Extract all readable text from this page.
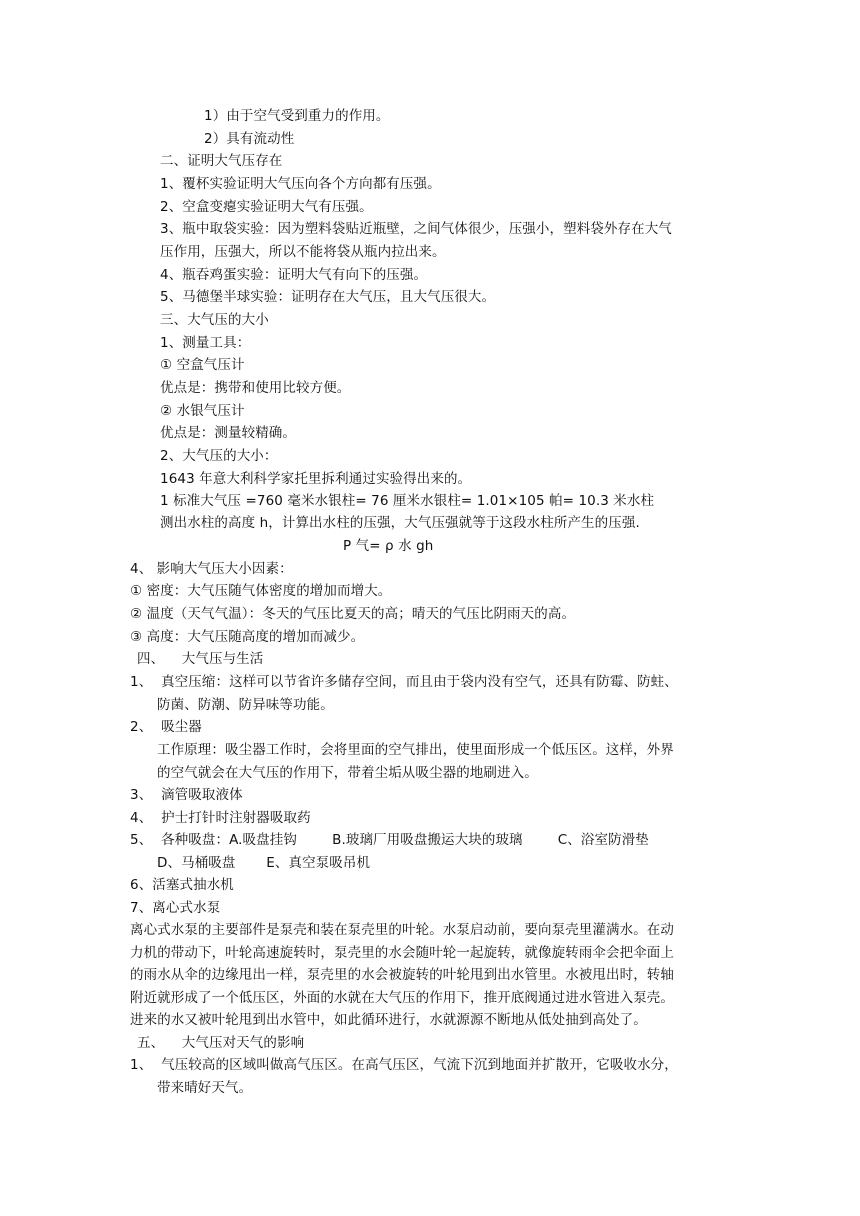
1）由于空气受到重力的作用。
2）具有流动性
二、证明大气压存在
1、覆杯实验证明大气压向各个方向都有压强。
2、空盒变瘪实验证明大气有压强。
3、瓶中取袋实验：因为塑料袋贴近瓶壁，之间气体很少，压强小，塑料袋外存在大气
压作用，压强大，所以不能将袋从瓶内拉出来。
4、瓶吞鸡蛋实验：证明大气有向下的压强。
5、马德堡半球实验：证明存在大气压，且大气压很大。
三、大气压的大小
1、测量工具：
① 空盒气压计
优点是：携带和使用比较方便。
② 水银气压计
优点是：测量较精确。
2、大气压的大小：
1643 年意大利科学家托里拆利通过实验得出来的。
1 标准大气压 =760 毫米水银柱= 76 厘米水银柱= 1.01×105 帕= 10.3 米水柱
测出水柱的高度 h，计算出水柱的压强，大气压强就等于这段水柱所产生的压强.
P 气= ρ 水 gh
4、 影响大气压大小因素：
① 密度：大气压随气体密度的增加而增大。
② 温度（天气气温）：冬天的气压比夏天的高；晴天的气压比阴雨天的高。
③ 高度：大气压随高度的增加而减少。
四、    大气压与生活
1、  真空压缩：这样可以节省许多储存空间，而且由于袋内没有空气，还具有防霉、防蛀、
防菌、防潮、防异味等功能。
2、  吸尘器
工作原理：吸尘器工作时，会将里面的空气排出，使里面形成一个低压区。这样，外界
的空气就会在大气压的作用下，带着尘垢从吸尘器的地刷进入。
3、  滴管吸取液体
4、  护士打针时注射器吸取药
5、  各种吸盘：A.吸盘挂钩        B.玻璃厂用吸盘搬运大块的玻璃        C、浴室防滑垫
D、马桶吸盘       E、真空泵吸吊机
6、活塞式抽水机
7、离心式水泵
离心式水泵的主要部件是泵壳和装在泵壳里的叶轮。水泵启动前，要向泵壳里灌满水。在动
力机的带动下，叶轮高速旋转时，泵壳里的水会随叶轮一起旋转，就像旋转雨伞会把伞面上
的雨水从伞的边缘甩出一样，泵壳里的水会被旋转的叶轮甩到出水管里。水被甩出时，转轴
附近就形成了一个低压区，外面的水就在大气压的作用下，推开底阀通过进水管进入泵壳。
进来的水又被叶轮甩到出水管中，如此循环进行，水就源源不断地从低处抽到高处了。
五、    大气压对天气的影响
1、  气压较高的区域叫做高气压区。在高气压区，气流下沉到地面并扩散开，它吸收水分，
带来晴好天气。
